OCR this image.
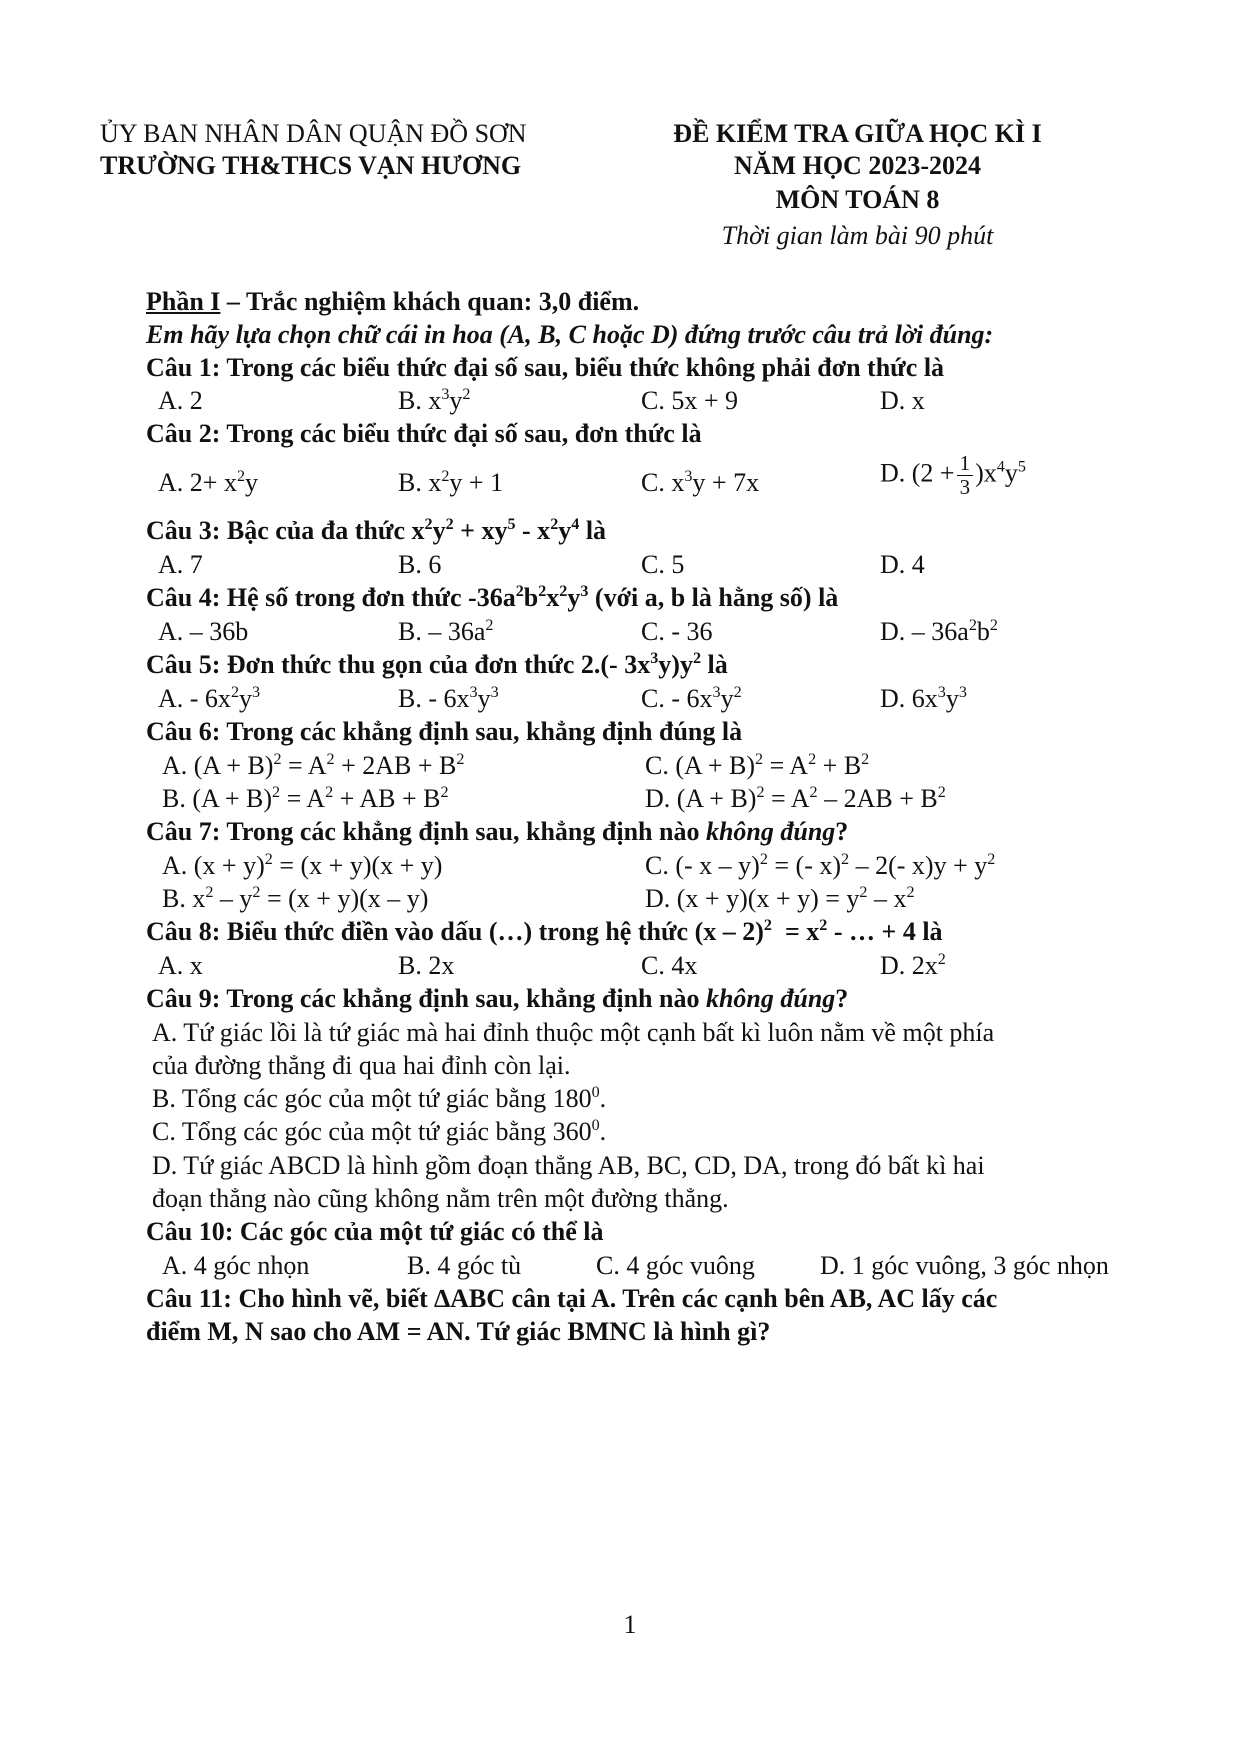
ỦY BAN NHÂN DÂN QUẬN ĐỒ SƠN
TRƯỜNG TH&THCS VẠN HƯƠNG
ĐỀ KIỂM TRA GIỮA HỌC KÌ I
NĂM HỌC 2023-2024
MÔN TOÁN 8
Thời gian làm bài 90 phút
Phần I – Trắc nghiệm khách quan: 3,0 điểm.
Em hãy lựa chọn chữ cái in hoa (A, B, C hoặc D) đứng trước câu trả lời đúng:
Câu 1: Trong các biểu thức đại số sau, biểu thức không phải đơn thức là
A. 2	B. $x^3y^2$	C. 5x + 9	D. x
Câu 2: Trong các biểu thức đại số sau, đơn thức là
A. $2+ x^2y$	B. $x^2y + 1$	C. $x^3y + 7x$	D. $(2 + \frac{1}{3} )x^4y^5$
Câu 3: Bậc của đa thức $x^2y^2 + xy^5 - x^2y^4$ là
A. 7	B. 6	C. 5	D. 4
Câu 4: Hệ số trong đơn thức $-36a^2b^2x^2y^3$ (với a, b là hằng số) là
A. – 36b	B. – $36a^2$	C. - 36	D. – $36a^2b^2$
Câu 5: Đơn thức thu gọn của đơn thức 2.(- $3x^3y)y^2$ là
A. - $6x^2y^3$	B. - $6x^3y^3$	C. - $6x^3y^2$	D. $6x^3y^3$
Câu 6: Trong các khẳng định sau, khẳng định đúng là
A. $(A + B)^2 = A^2 + 2AB + B^2$	C. $(A + B)^2 = A^2 + B^2$
B. $(A + B)^2 = A^2$ + AB + $B^2$	D. $(A + B)^2 = A^2 - 2AB + B^2$
Câu 7: Trong các khẳng định sau, khẳng định nào không đúng?
A. $(x + y)^2 = (x + y)(x + y)$	C. (- x – y)$^2$ = (- x)$^2$ – 2(- $x)y + y^2$
B. $x^2 - y^2 = (x + y)(x - y)$	D. $(x + y)(x + y) = y^2 - x^2$
Câu 8: Biểu thức điền vào dấu (…) trong hệ thức $(x - 2)^2 = x^2$ - … + 4 là
A. x	B. 2x	C. 4x	D. $2x^2$
Câu 9: Trong các khẳng định sau, khẳng định nào không đúng?
A. Tứ giác lồi là tứ giác mà hai đỉnh thuộc một cạnh bất kì luôn nằm về một phía
của đường thẳng đi qua hai đỉnh còn lại.
B. Tổng các góc của một tứ giác bằng $180^0$.
C. Tổng các góc của một tứ giác bằng $360^0$.
D. Tứ giác ABCD là hình gồm đoạn thẳng AB, BC, CD, DA, trong đó bất kì hai
đoạn thẳng nào cũng không nằm trên một đường thẳng.
Câu 10: Các góc của một tứ giác có thể là
A. 4 góc nhọn	B. 4 góc tù	C. 4 góc vuông	D. 1 góc vuông, 3 góc nhọn
Câu 11: Cho hình vẽ, biết ∆ABC cân tại A. Trên các cạnh bên AB, AC lấy các
điểm M, N sao cho AM = AN. Tứ giác BMNC là hình gì?
1
